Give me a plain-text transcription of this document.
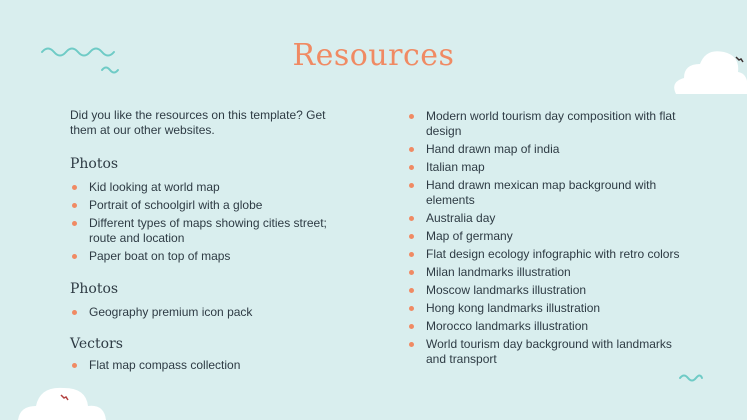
Resources

Did you like the resources on this template? Get them at our other websites.

Photos
Kid looking at world map
Portrait of schoolgirl with a globe
Different types of maps showing cities street; route and location
Paper boat on top of maps
Photos
Geography premium icon pack
Vectors
Flat map compass collection
Modern world tourism day composition with flat design
Hand drawn map of india
Italian map
Hand drawn mexican map background with elements
Australia day
Map of germany
Flat design ecology infographic with retro colors
Milan landmarks illustration
Moscow landmarks illustration
Hong kong landmarks illustration
Morocco landmarks illustration
World tourism day background with landmarks and transport
